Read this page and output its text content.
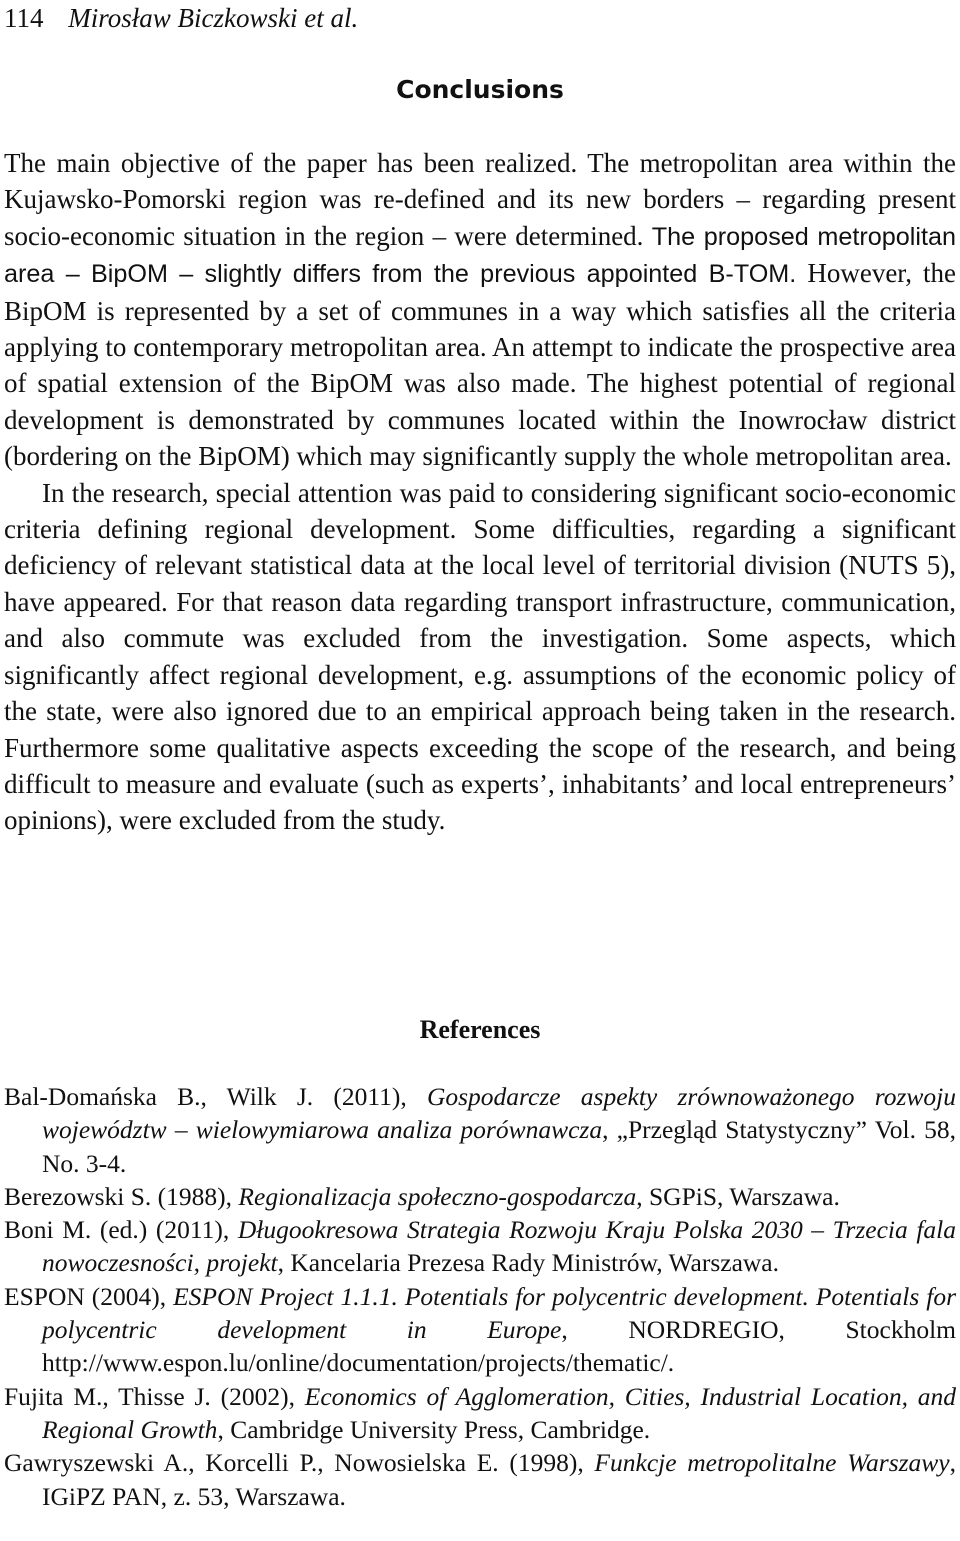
114 Mirosław Biczkowski et al.
Conclusions

The main objective of the paper has been realized. The metropolitan area within the Kujawsko-Pomorski region was re-defined and its new borders – regarding present socio-economic situation in the region – were determined. The proposed metropolitan area – BipOM – slightly differs from the previous appointed B-TOM. However, the BipOM is represented by a set of communes in a way which satisfies all the criteria applying to contemporary metropolitan area. An attempt to indicate the prospective area of spatial extension of the BipOM was also made. The highest potential of regional development is demonstrated by communes located within the Inowrocław district (bordering on the BipOM) which may significantly supply the whole metropolitan area.

In the research, special attention was paid to considering significant socio-economic criteria defining regional development. Some difficulties, regarding a significant deficiency of relevant statistical data at the local level of territorial division (NUTS 5), have appeared. For that reason data regarding transport infrastructure, communication, and also commute was excluded from the investigation. Some aspects, which significantly affect regional development, e.g. assumptions of the economic policy of the state, were also ignored due to an empirical approach being taken in the research. Furthermore some qualitative aspects exceeding the scope of the research, and being difficult to measure and evaluate (such as experts’, inhabitants’ and local entrepreneurs’ opinions), were excluded from the study.

References

Bal-Domańska B., Wilk J. (2011), Gospodarcze aspekty zrównoważonego rozwoju województw – wielowymiarowa analiza porównawcza, „Przegląd Statystyczny” Vol. 58, No. 3-4.

Berezowski S. (1988), Regionalizacja społeczno-gospodarcza, SGPiS, Warszawa.

Boni M. (ed.) (2011), Długookresowa Strategia Rozwoju Kraju Polska 2030 – Trzecia fala nowoczesności, projekt, Kancelaria Prezesa Rady Ministrów, Warszawa.

ESPON (2004), ESPON Project 1.1.1. Potentials for polycentric development. Potentials for polycentric development in Europe, NORDREGIO, Stockholm http://www.espon.lu/online/documentation/projects/thematic/.

Fujita M., Thisse J. (2002), Economics of Agglomeration, Cities, Industrial Location, and Regional Growth, Cambridge University Press, Cambridge.

Gawryszewski A., Korcelli P., Nowosielska E. (1998), Funkcje metropolitalne Warszawy, IGiPZ PAN, z. 53, Warszawa.
